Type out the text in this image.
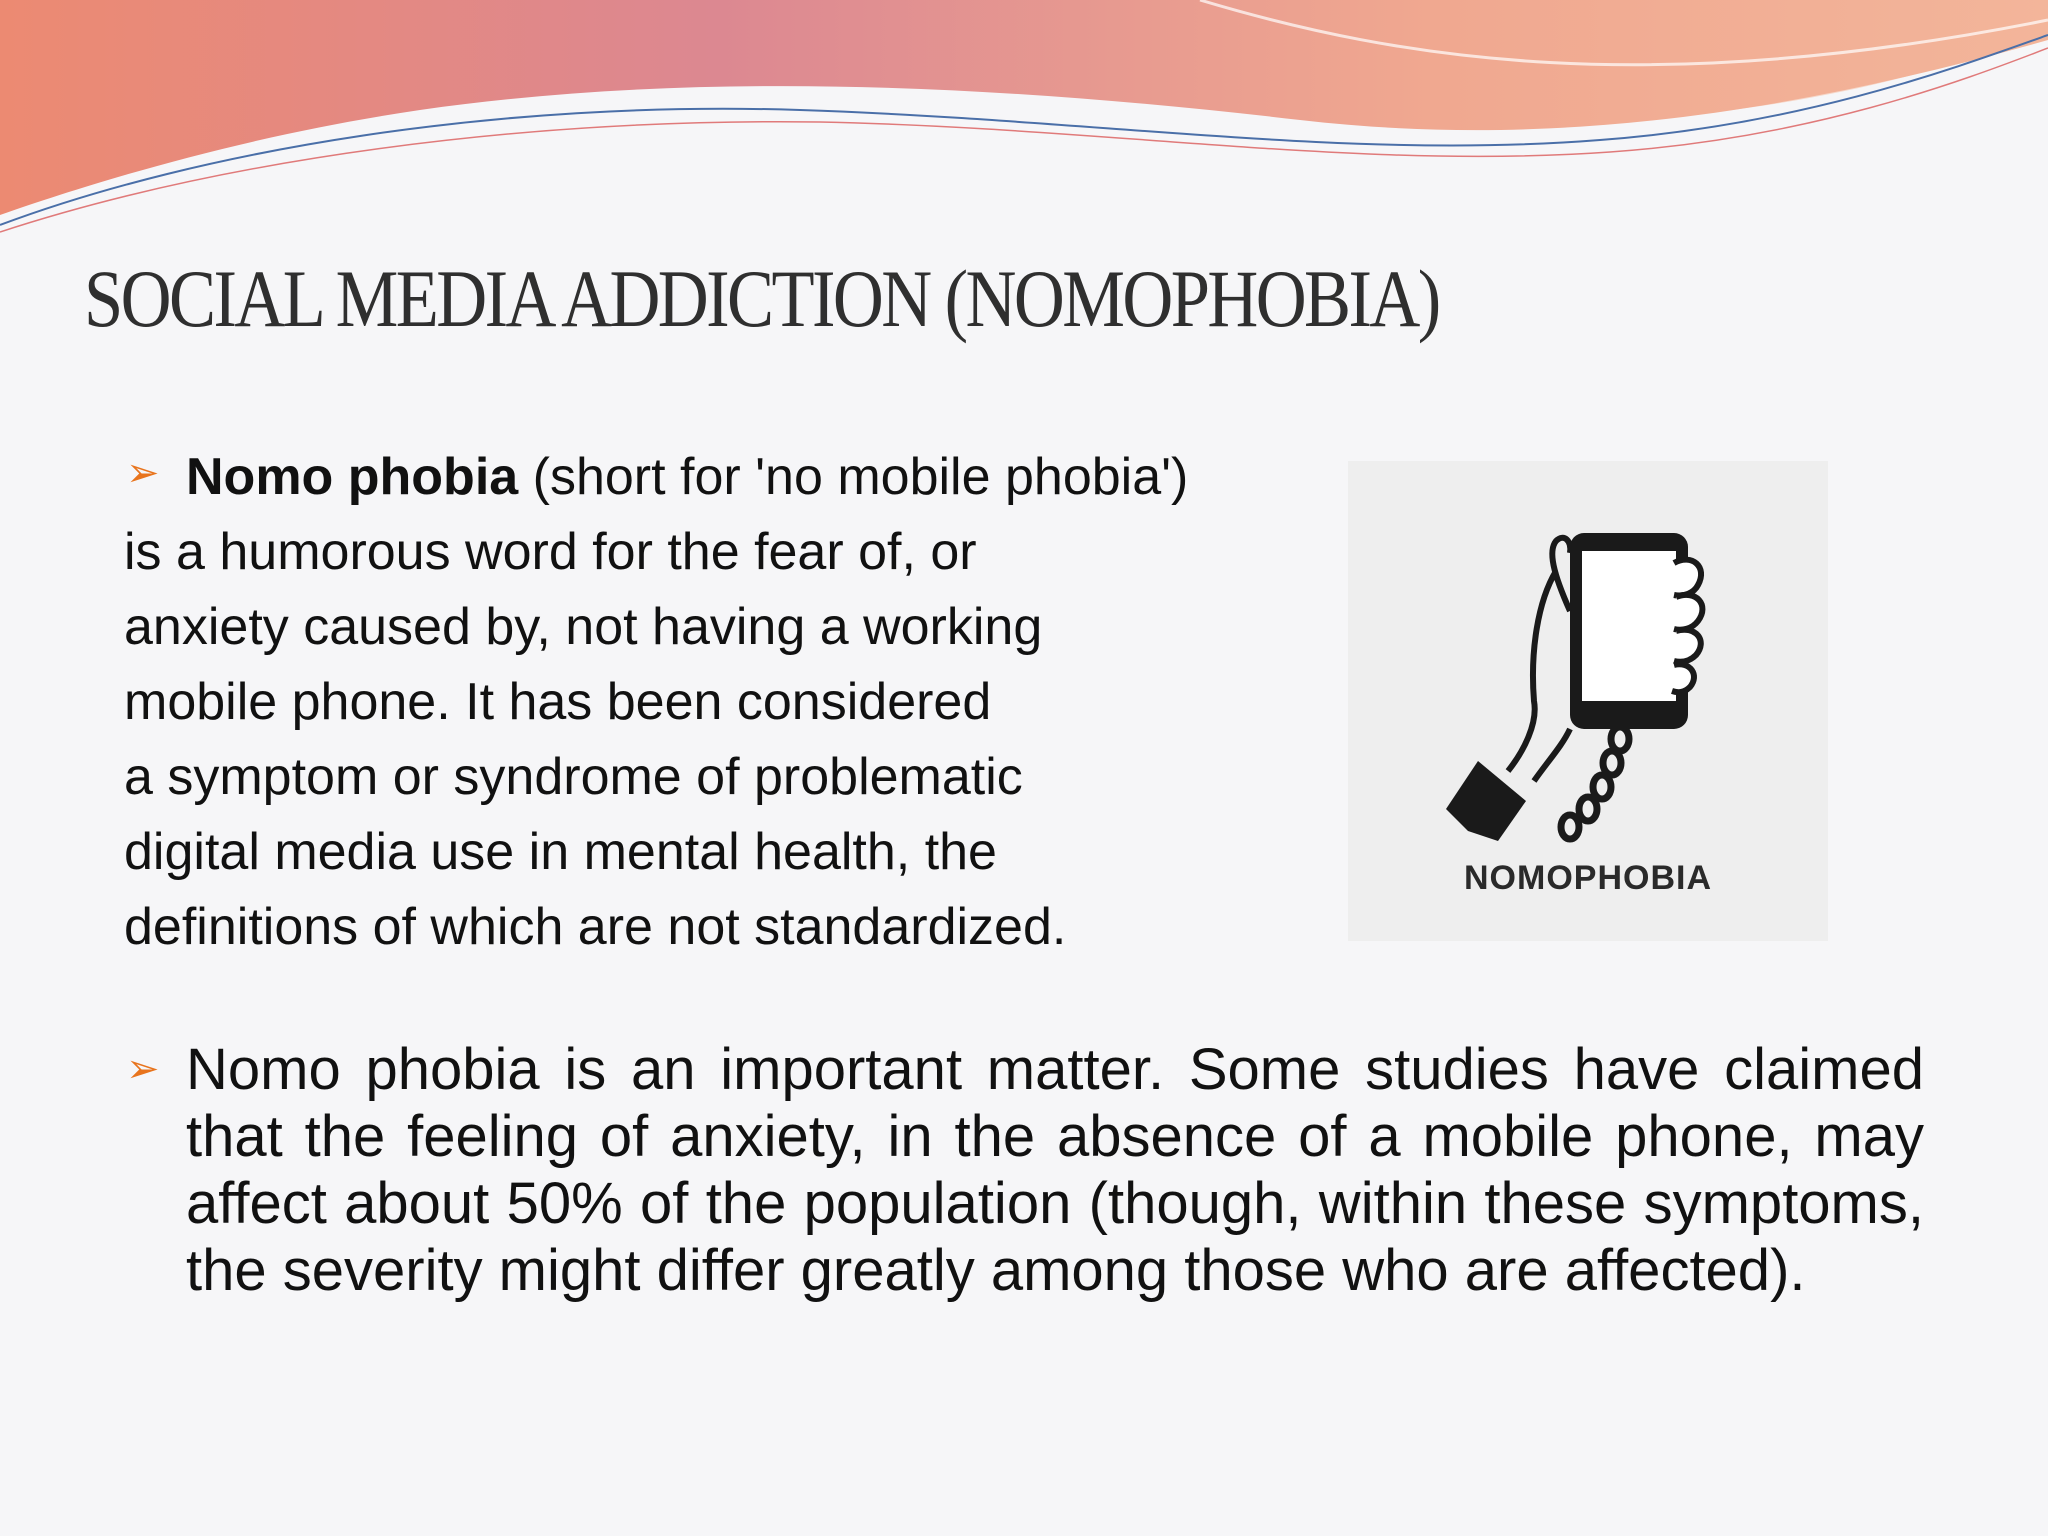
SOCIAL MEDIA ADDICTION (NOMOPHOBIA)
➢ Nomo phobia (short for 'no mobile phobia')
is a humorous word for the fear of, or
anxiety caused by, not having a working
mobile phone. It has been considered
a symptom or syndrome of problematic
digital media use in mental health, the
definitions of which are not standardized.
NOMOPHOBIA
➢ Nomo phobia is an important matter. Some studies have claimed that the feeling of anxiety, in the absence of a mobile phone, may affect about 50% of the population (though, within these symptoms, the severity might differ greatly among those who are affected).
